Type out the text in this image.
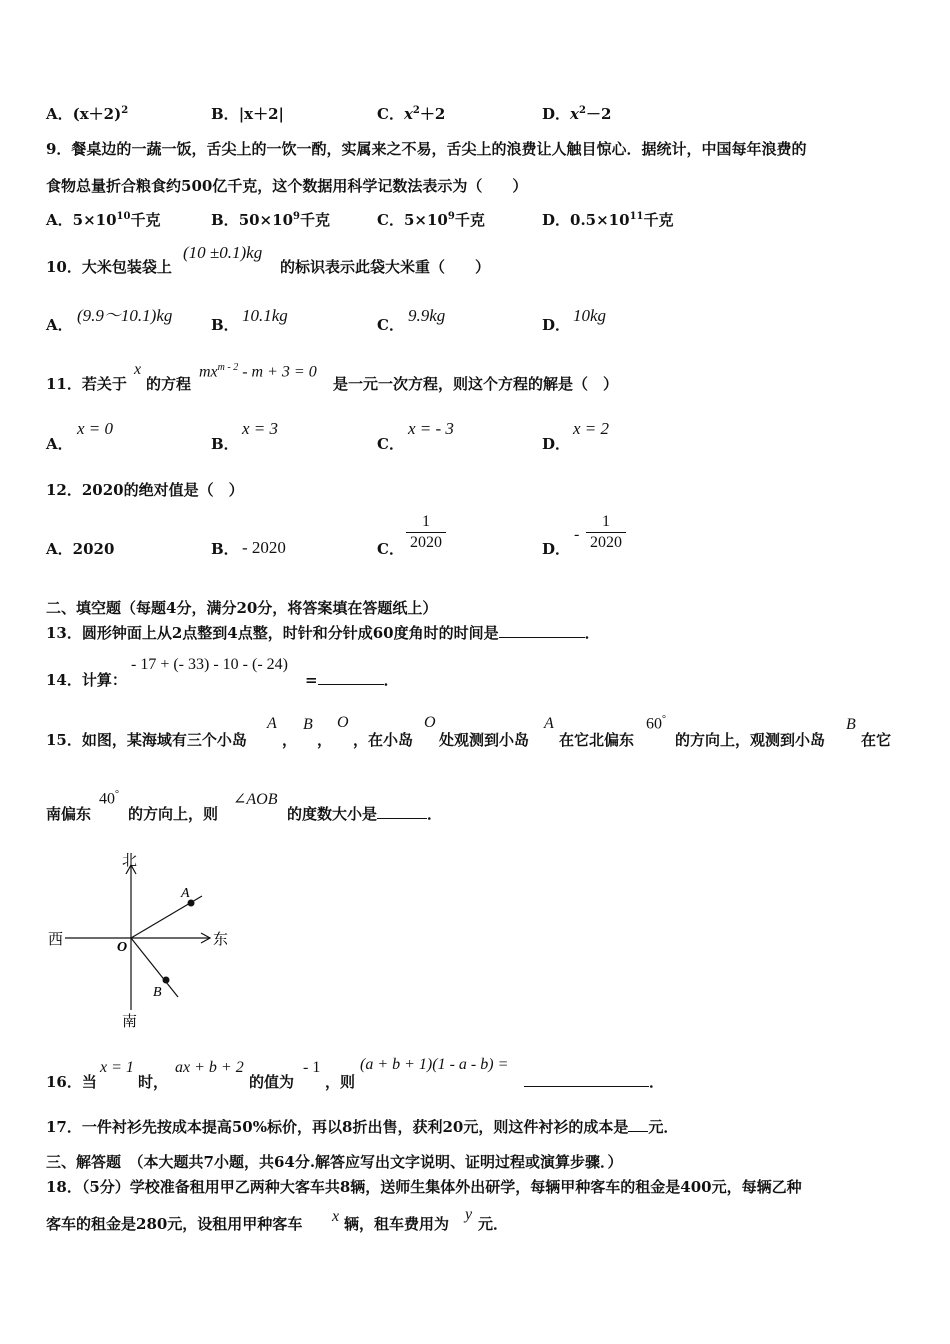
A．$(x+2)^2$	B．|x＋2|	C．$x^2+2$	D．$x^2-2$
9．餐桌边的一蔬一饭，舌尖上的一饮一酌，实属来之不易，舌尖上的浪费让人触目惊心．据统计，中国每年浪费的
食物总量折合粮食约500亿千克，这个数据用科学记数法表示为（　　）
A．$5\times 10^{10}$千克	B．$50\times 10^9$千克	C．$5\times 10^9$千克	D．$0.5\times 10^{11}$千克
10．大米包装袋上
(10 ±0.1)kg
的标识表示此袋大米重（　　）
A． (9.9～10.1)kg	B． 10.1kg	C． 9.9kg	D． 10kg
11．若关于
x
的方程
$mx^{m - 2} - m + 3 = 0$
是一元一次方程，则这个方程的解是（　）
A．
x = 0
B．
x = 3
C．
x = - 3
D．
x = 2
12．2020的绝对值是（　）
A．2020	B． - 2020	C． $\frac{1}{2020}$	D．
- $\frac{1}{2020}$
二、填空题（每题4分，满分20分，将答案填在答题纸上）
13．圆形钟面上从2点整到4点整，时针和分针成60度角时的时间是	．
14．计算：
- 17 + (- 33) - 10 - (- 24)
=	．
15．如图，某海域有三个小岛
A
，
B
，
O
，在小岛
O
处观测到小岛
A
在它北偏东
60°
的方向上，观测到小岛
B
在它
南偏东
40°
的方向上，则
∠AOB
的度数大小是	．
北
南
西	东
O
A
B
16．当
x = 1
时，
ax + b + 2
的值为
- 1
，则
(a + b + 1)(1 - a - b) =
．
17．一件衬衫先按成本提高50%标价，再以8折出售，获利20元，则这件衬衫的成本是 元．
三、解答题　（本大题共7小题，共64分.解答应写出文字说明、证明过程或演算步骤．）
18．（5分）学校准备租用甲乙两种大客车共8辆，送师生集体外出研学，每辆甲种客车的租金是400元，每辆乙种
客车的租金是280元，设租用甲种客车 x 辆，租车费用为
y
元．
